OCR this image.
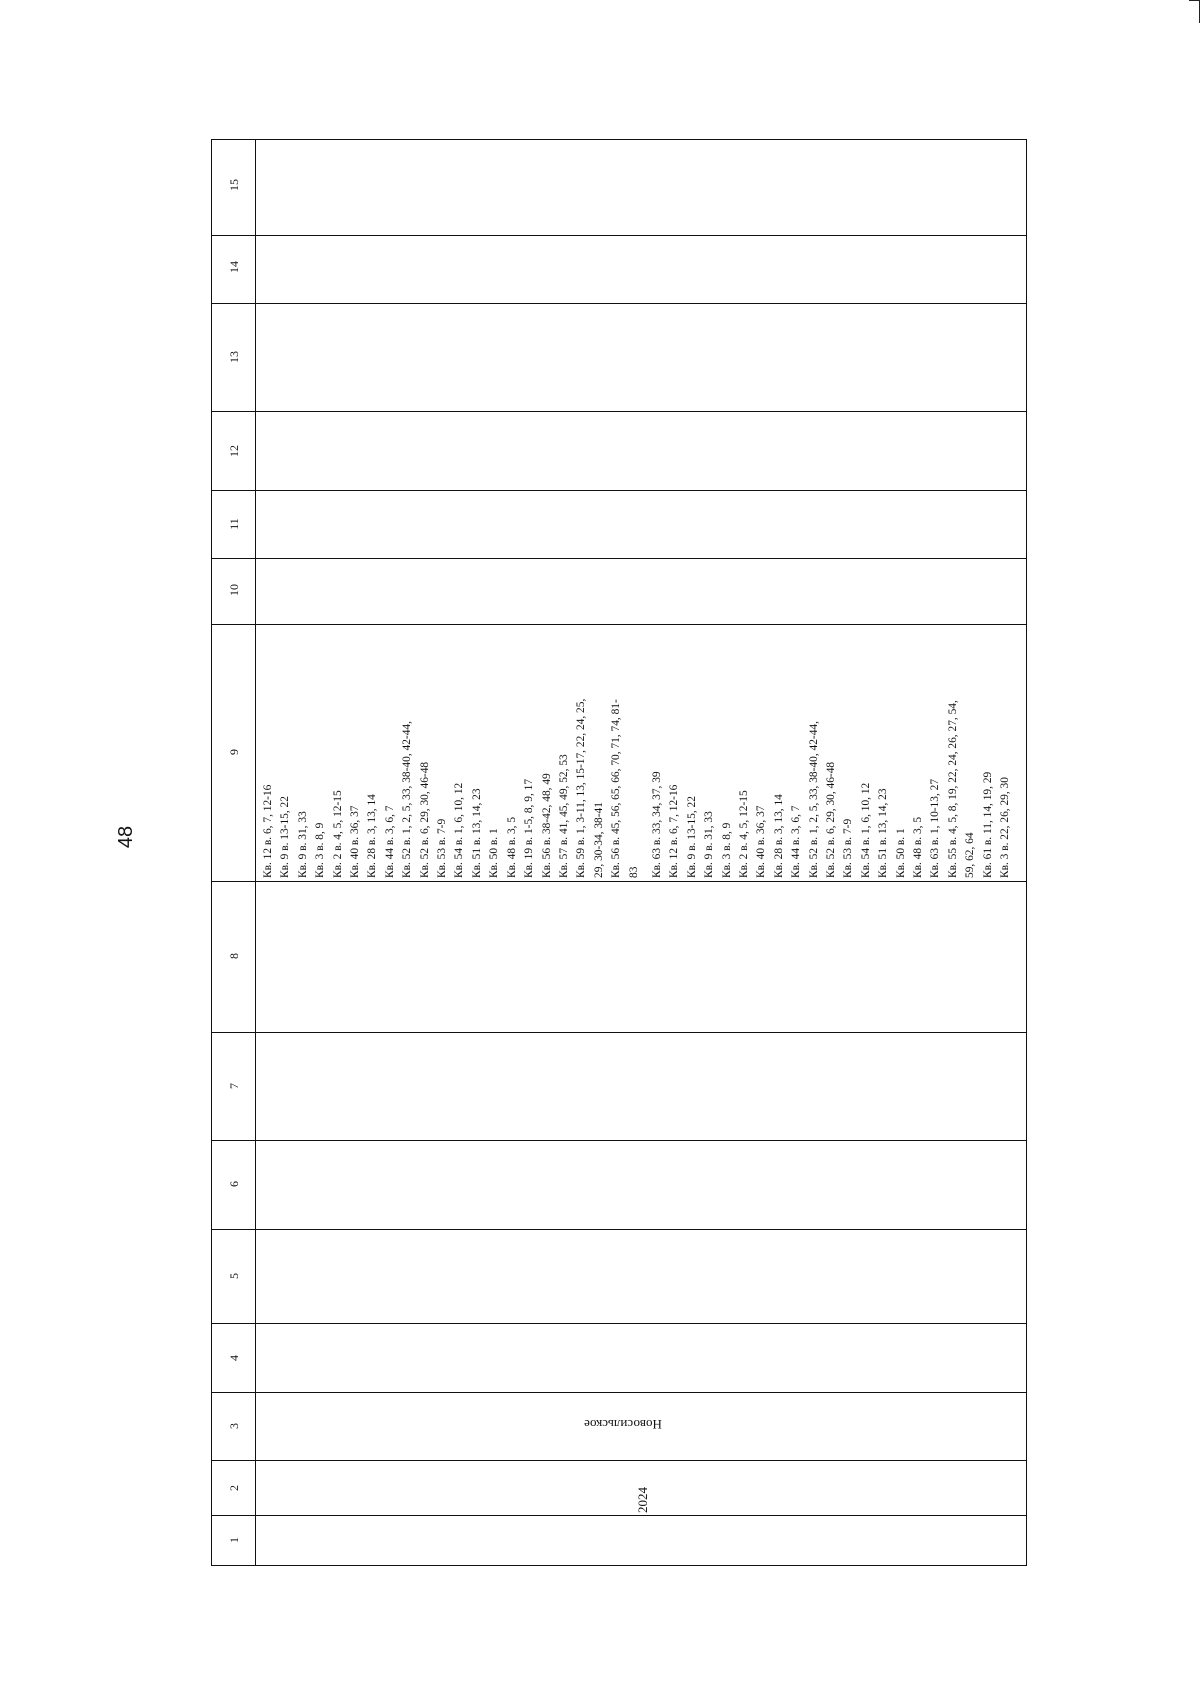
48
15
14
13
12
11
10
9
8
7
6
5
4
3
2
1
Кв. 12 в. 6, 7, 12-16 Кв. 9 в. 13-15, 22 Кв. 9 в. 31, 33 Кв. 3 в. 8, 9 Кв. 2 в. 4, 5, 12-15 Кв. 40 в. 36, 37 Кв. 28 в. 3, 13, 14 Кв. 44 в. 3, 6, 7 Кв. 52 в. 1, 2, 5, 33, 38-40, 42-44, Кв. 52 в. 6, 29, 30, 46-48 Кв. 53 в. 7-9 Кв. 54 в. 1, 6, 10, 12 Кв. 51 в. 13, 14, 23 Кв. 50 в. 1 Кв. 48 в. 3, 5 Кв. 19 в. 1-5, 8, 9, 17 Кв. 56 в. 38-42, 48, 49 Кв. 57 в. 41, 45, 49, 52, 53 Кв. 59 в. 1, 3-11, 13, 15-17, 22, 24, 25, 29, 30-34, 38-41 Кв. 56 в. 45, 56, 65, 66, 70, 71, 74, 81- 83 Кв. 63 в. 33, 34, 37, 39 Кв. 12 в. 6, 7, 12-16 Кв. 9 в. 13-15, 22 Кв. 9 в. 31, 33 Кв. 3 в. 8, 9 Кв. 2 в. 4, 5, 12-15 Кв. 40 в. 36, 37 Кв. 28 в. 3, 13, 14 Кв. 44 в. 3, 6, 7 Кв. 52 в. 1, 2, 5, 33, 38-40, 42-44, Кв. 52 в. 6, 29, 30, 46-48 Кв. 53 в. 7-9 Кв. 54 в. 1, 6, 10, 12 Кв. 51 в. 13, 14, 23 Кв. 50 в. 1 Кв. 48 в. 3, 5 Кв. 63 в. 1, 10-13, 27 Кв. 55 в. 4, 5, 8, 19, 22, 24, 26, 27, 54, 59, 62, 64 Кв. 61 в. 11, 14, 19, 29 Кв. 3 в. 22, 26, 29, 30
Новосильское
2024
